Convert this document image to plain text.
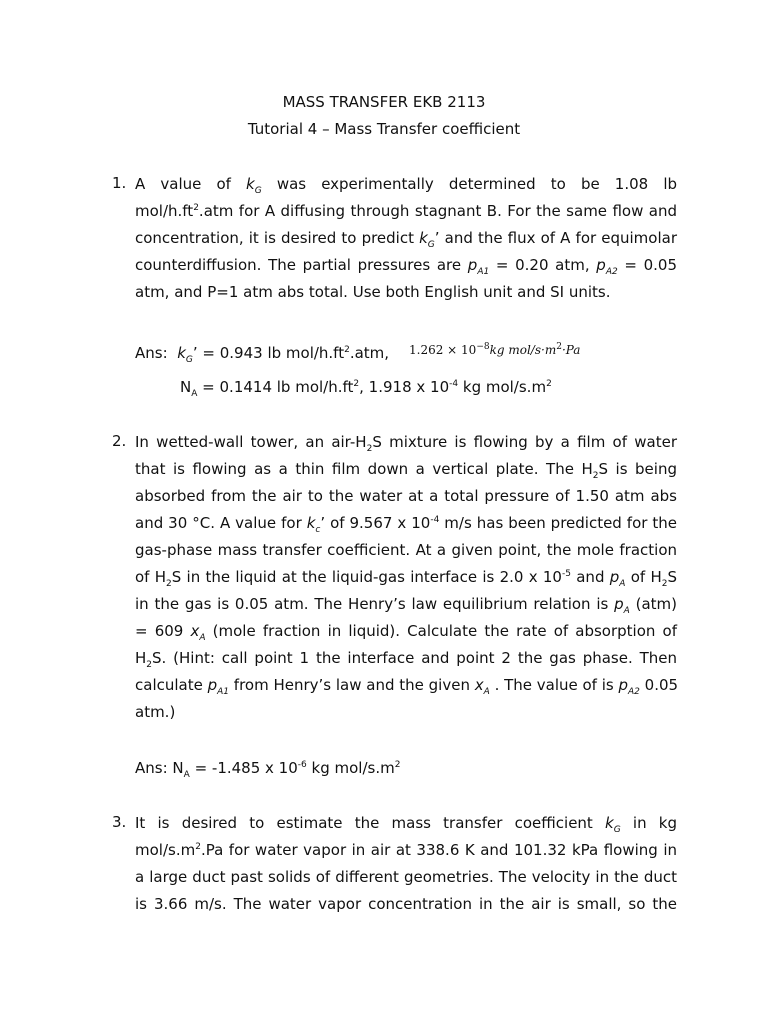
MASS TRANSFER EKB 2113
Tutorial 4 – Mass Transfer coefficient
1. A value of $k_G$ was experimentally determined to be 1.08 lb
mol/$h.ft^2.atm$ for A diffusing through stagnant B. For the same flow and
concentration, it is desired to predict $k_G$’ and the flux of A for equimolar
counterdiffusion. The partial pressures are $p_{A1} = 0.20$ atm, $p_{A2} = 0.05$
atm, and P=1 atm abs total. Use both English unit and SI units.
Ans: $k_G$’ = 0.943 lb mol/$h.ft^2.atm$, $1.262 \times 10^{-8}kg$ mol/$s\cdot m^2\cdot Pa$
$N_A = 0.1414$ lb mol/$h.ft^2$, 1.918 x $10^{-4}$ kg mol/$s.m^2$
2. In wetted-wall tower, an air-$H_2S$ mixture is flowing by a film of water
that is flowing as a thin film down a vertical plate. The $H_2S$ is being
absorbed from the air to the water at a total pressure of 1.50 atm abs
and 30 °C. A value for $k_c$’ of 9.567 x $10^{-4}$ m/s has been predicted for the
gas-phase mass transfer coefficient. At a given point, the mole fraction
of $H_2S$ in the liquid at the liquid-gas interface is 2.0 x $10^{-5}$ and $p_A$ of $H_2S$
in the gas is 0.05 atm. The Henry’s law equilibrium relation is $p_A$ (atm)
= 609 $x_A$ (mole fraction in liquid). Calculate the rate of absorption of
$H_2S$. (Hint: call point 1 the interface and point 2 the gas phase. Then
calculate $p_{A1}$ from Henry’s law and the given $x_A$ . The value of is $p_{A2}$ 0.05
atm.)
Ans: $N_A = -1.485$ x $10^{-6}$ kg mol/$s.m^2$
3. It is desired to estimate the mass transfer coefficient $k_G$ in kg
mol/$s.m^2.Pa$ for water vapor in air at 338.6 K and 101.32 kPa flowing in
a large duct past solids of different geometries. The velocity in the duct
is 3.66 m/s. The water vapor concentration in the air is small, so the
